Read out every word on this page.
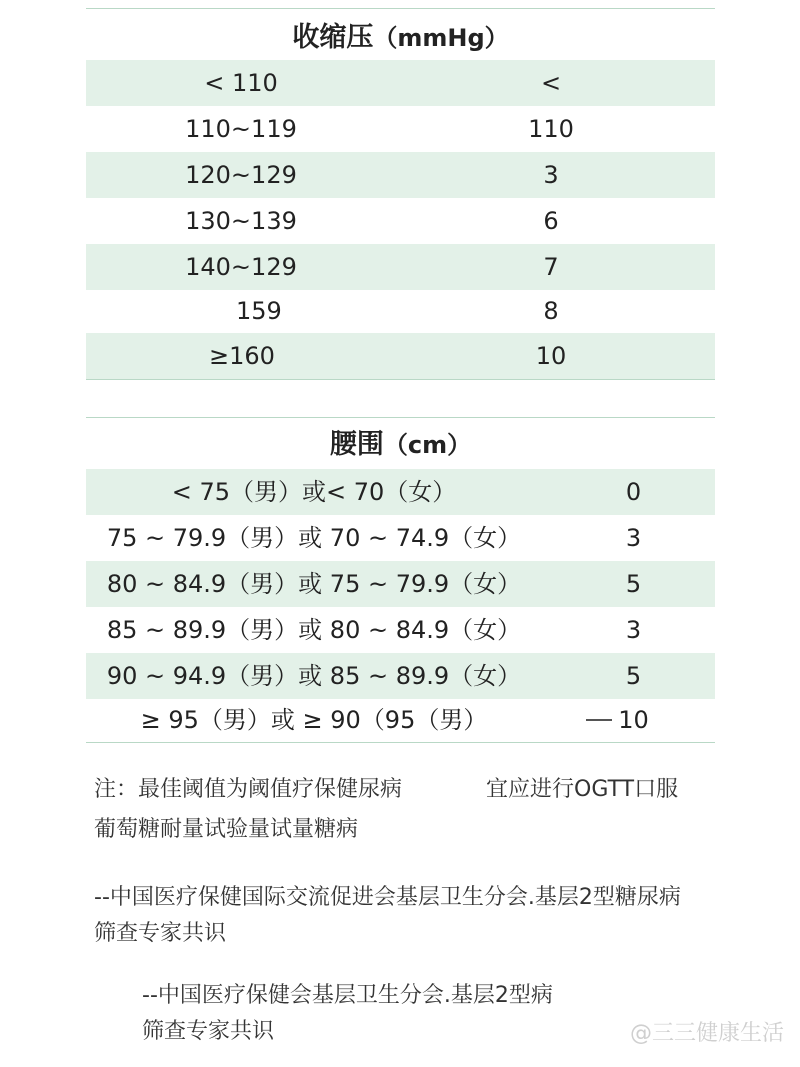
收缩压（mmHg）
< 110	<
110~119	110
120~129	3
130~139	6
140~129	7
159	8
≥160	10
腰围（cm）
< 75（男）或< 70（女）	0
75 ~ 79.9（男）或 70 ~ 74.9（女）	3
80 ~ 84.9（男）或 75 ~ 79.9（女）	5
85 ~ 89.9（男）或 80 ~ 84.9（女）	3
90 ~ 94.9（男）或 85 ~ 89.9（女）	5
≥ 95（男）或 ≥ 90（95（男）	10
注：最佳阈值为阈值疗保健尿病	宜应进行OGTT口服
葡萄糖耐量试验量试量糖病
--中国医疗保健国际交流促进会基层卫生分会.基层2型糖尿病
筛查专家共识
--中国医疗保健会基层卫生分会.基层2型病
筛查专家共识	@三三健康生活
